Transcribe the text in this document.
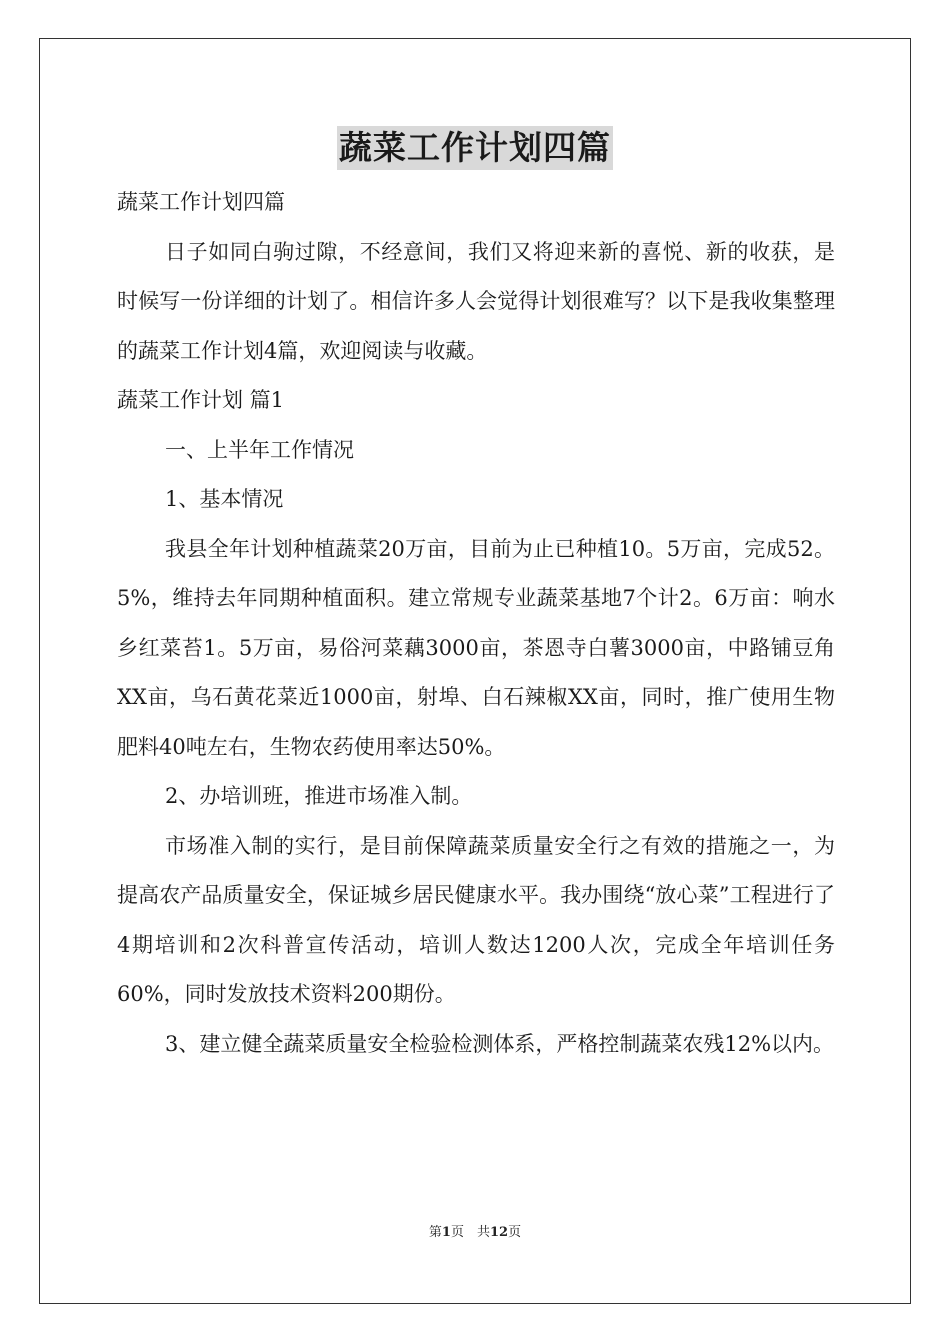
蔬菜工作计划四篇

蔬菜工作计划四篇

日子如同白驹过隙，不经意间，我们又将迎来新的喜悦、新的收获，是时候写一份详细的计划了。相信许多人会觉得计划很难写？以下是我收集整理的蔬菜工作计划4篇，欢迎阅读与收藏。

蔬菜工作计划 篇1

一、上半年工作情况

1、基本情况

我县全年计划种植蔬菜20万亩，目前为止已种植10。5万亩，完成52。5%，维持去年同期种植面积。建立常规专业蔬菜基地7个计2。6万亩：响水乡红菜苔1。5万亩，易俗河菜藕3000亩，茶恩寺白薯3000亩，中路铺豆角XX亩，乌石黄花菜近1000亩，射埠、白石辣椒XX亩，同时，推广使用生物肥料40吨左右，生物农药使用率达50%。

2、办培训班，推进市场准入制。

市场准入制的实行，是目前保障蔬菜质量安全行之有效的措施之一，为提高农产品质量安全，保证城乡居民健康水平。我办围绕“放心菜”工程进行了4期培训和2次科普宣传活动，培训人数达1200人次，完成全年培训任务60%，同时发放技术资料200期份。

3、建立健全蔬菜质量安全检验检测体系，严格控制蔬菜农残12%以内。

第1页　共12页
